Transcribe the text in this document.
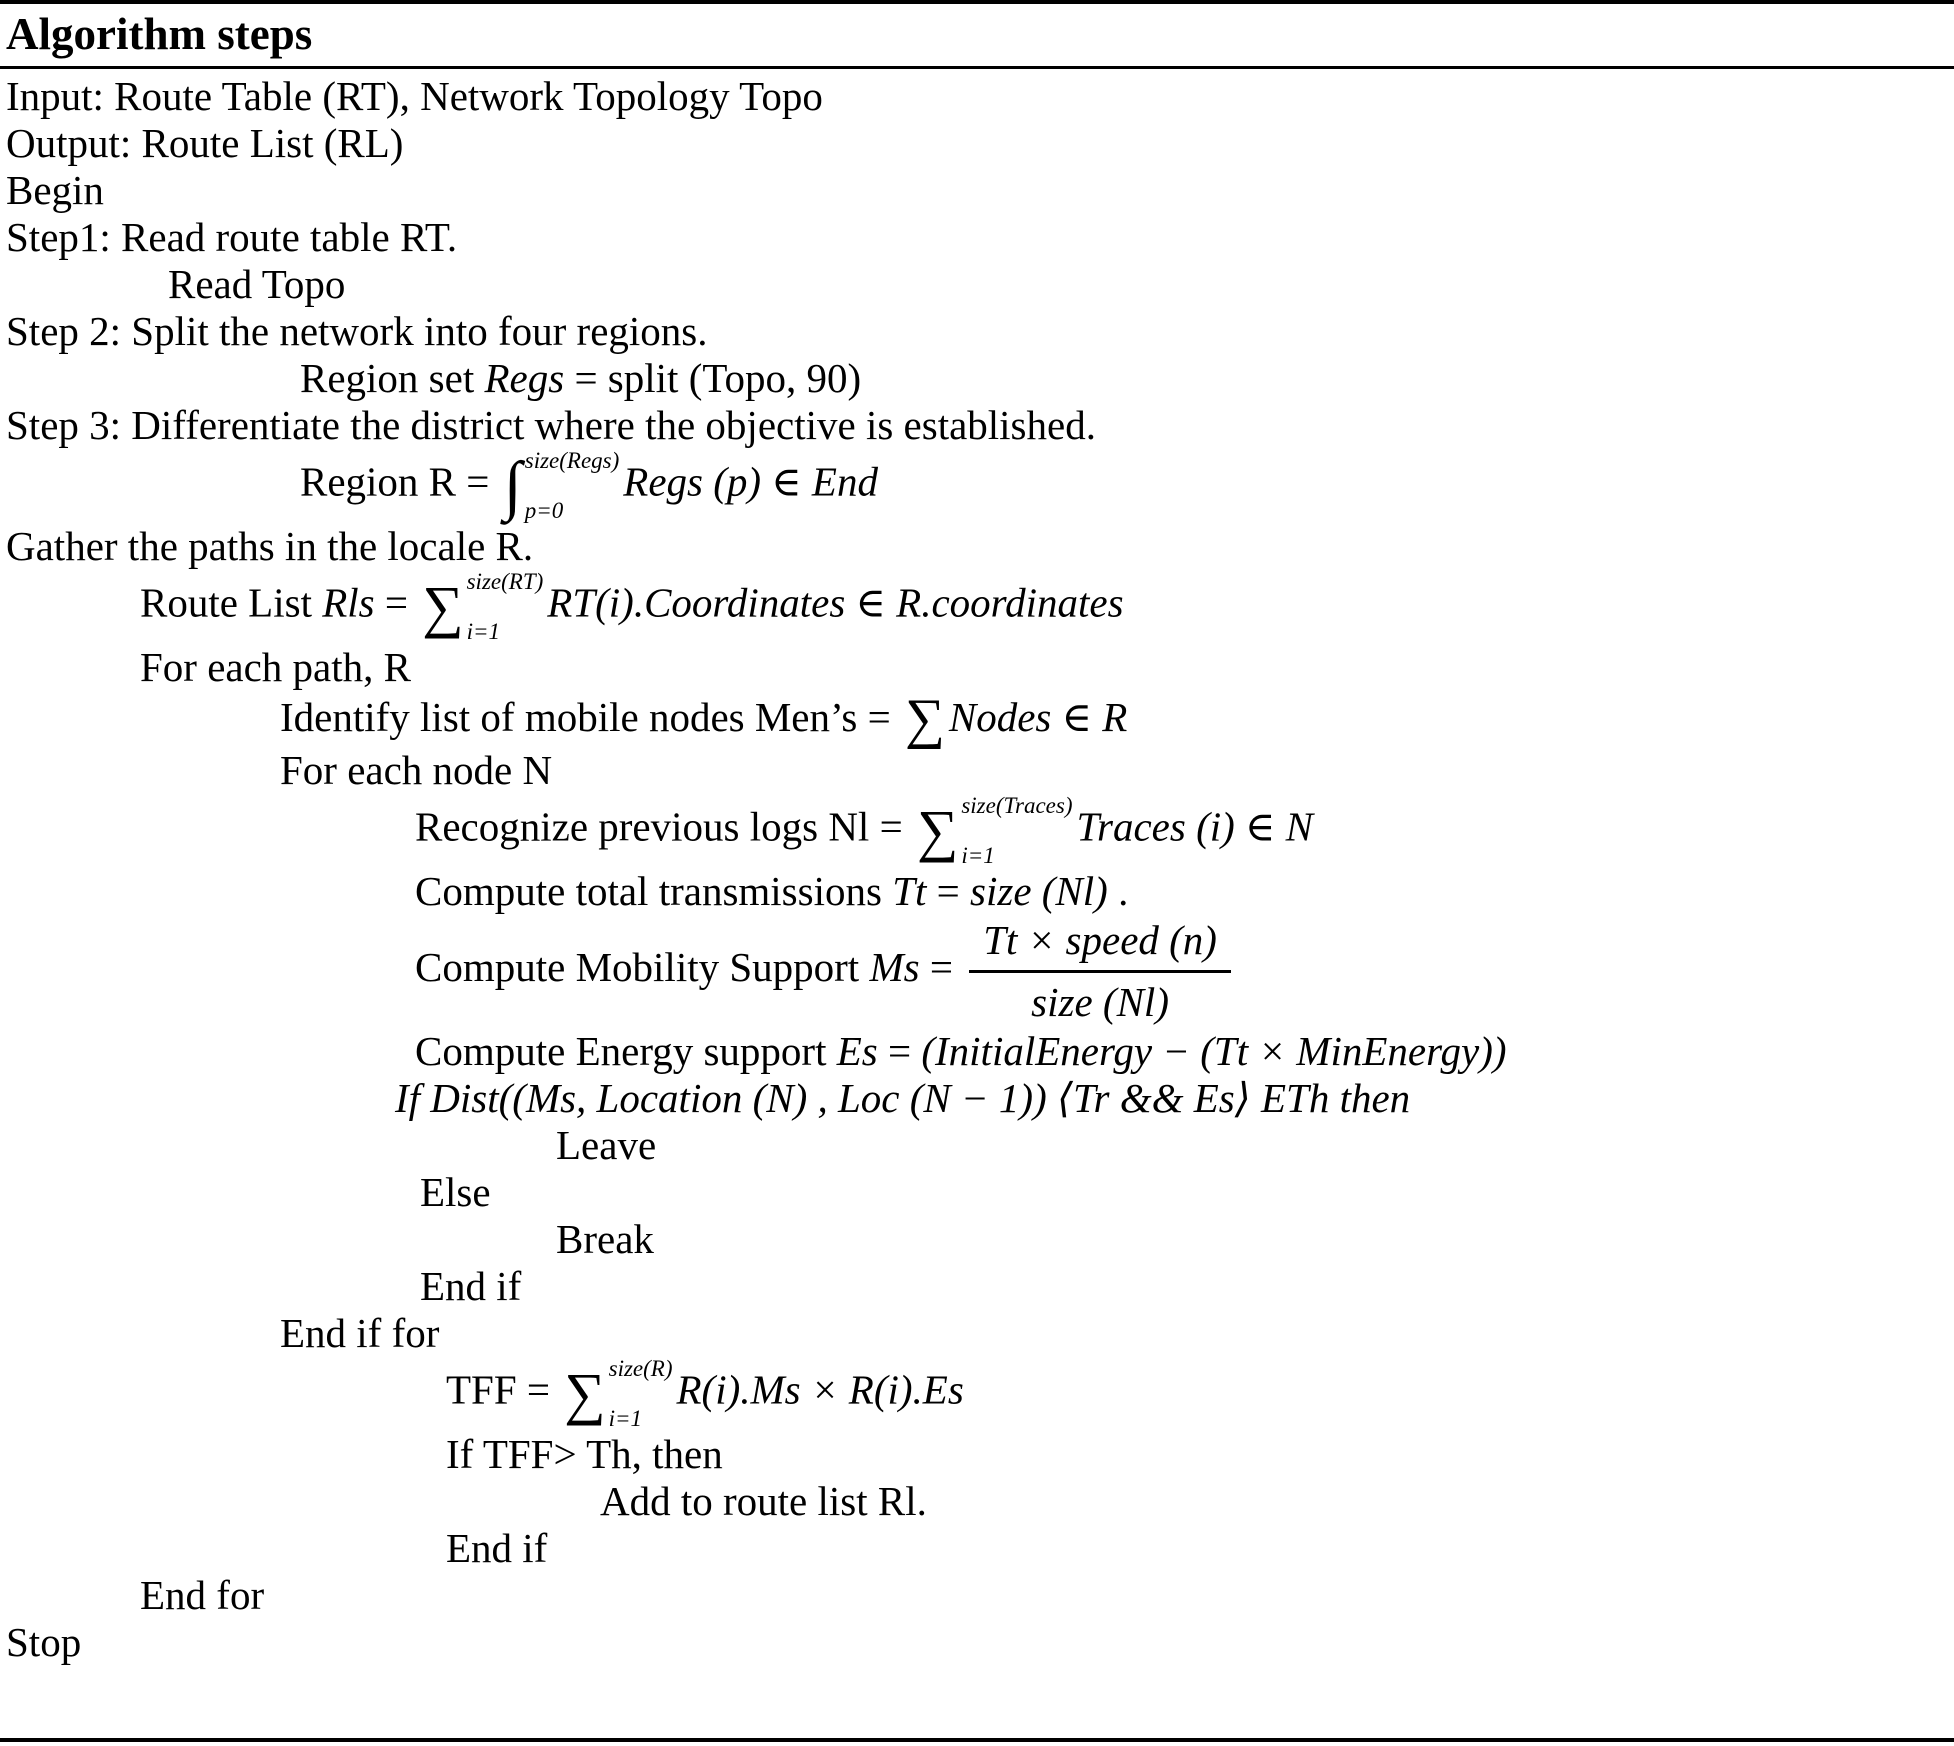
Algorithm steps
Input: Route Table (RT), Network Topology Topo
Output: Route List (RL)
Begin
Step1: Read route table RT.
Read Topo
Step 2: Split the network into four regions.
Region set Regs = split (Topo, 90)
Step 3: Differentiate the district where the objective is established.
Region R = ∫ size(Regs)
p=0
Regs (p) ∈ End
Gather the paths in the locale R.
Route List Rls = ∑ size(RT)
i=1
RT(i).Coordinates ∈ R.coordinates
For each path, R
Identify list of mobile nodes Men’s = ∑Nodes ∈ R
For each node N
Recognize previous logs Nl = ∑ size(Traces)
i=1
Traces (i) ∈ N
Compute total transmissions Tt = size (Nl) .
Compute Mobility Support $Ms = \frac{\text{Tt × speed (n)}}{\text{size (Nl)}}$
Compute Energy support Es = (InitialEnergy − (Tt × MinEnergy))
If Dist((Ms, Location (N) , Loc (N − 1)) ⟨Tr && Es⟩ ETh then
Leave
Else
Break
End if
End if for
TFF = ∑ size(R)
i=1
R(i).Ms × R(i).Es
If TFF> Th, then
Add to route list Rl.
End if
End for
Stop
